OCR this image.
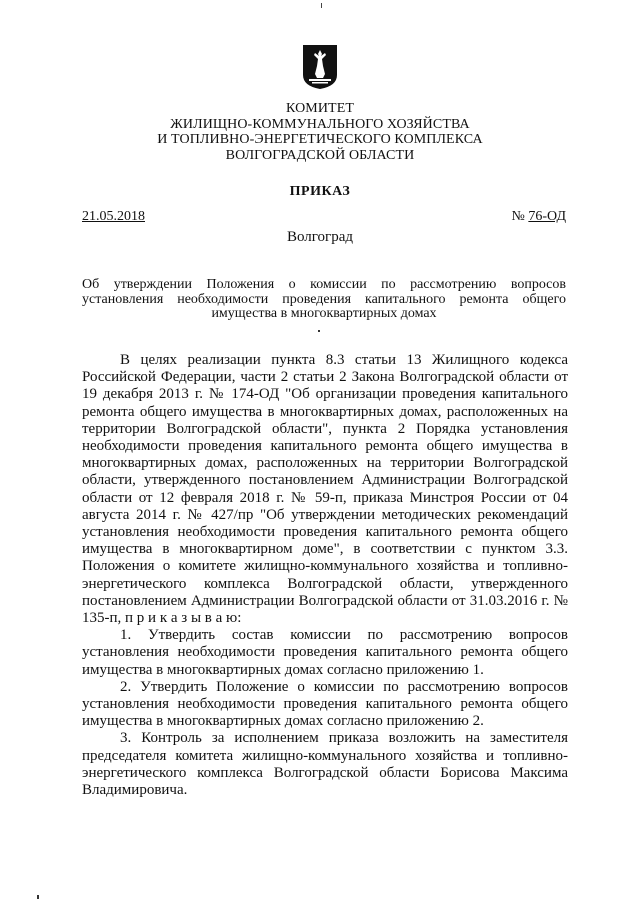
КОМИТЕТ
ЖИЛИЩНО-КОММУНАЛЬНОГО ХОЗЯЙСТВА
И ТОПЛИВНО-ЭНЕРГЕТИЧЕСКОГО КОМПЛЕКСА
ВОЛГОГРАДСКОЙ ОБЛАСТИ
ПРИКАЗ
21.05.2018	№ 76-ОД
Волгоград
Об утверждении Положения о комиссии по рассмотрению вопросов установления необходимости проведения капитального ремонта общего имущества в многоквартирных домах

В целях реализации пункта 8.3 статьи 13 Жилищного кодекса Российской Федерации, части 2 статьи 2 Закона Волгоградской области от 19 декабря 2013 г. № 174-ОД "Об организации проведения капитального ремонта общего имущества в многоквартирных домах, расположенных на территории Волгоградской области", пункта 2 Порядка установления необходимости проведения капитального ремонта общего имущества в многоквартирных домах, расположенных на территории Волгоградской области, утвержденного постановлением Администрации Волгоградской области от 12 февраля 2018 г. № 59-п, приказа Минстроя России от 04 августа 2014 г. № 427/пр "Об утверждении методических рекомендаций установления необходимости проведения капитального ремонта общего имущества в многоквартирном доме", в соответствии с пунктом 3.3. Положения о комитете жилищно-коммунального хозяйства и топливно-энергетического комплекса Волгоградской области, утвержденного постановлением Администрации Волгоградской области от 31.03.2016 г. № 135-п, п р и к а з ы в а ю:

1. Утвердить состав комиссии по рассмотрению вопросов установления необходимости проведения капитального ремонта общего имущества в многоквартирных домах согласно приложению 1.

2. Утвердить Положение о комиссии по рассмотрению вопросов установления необходимости проведения капитального ремонта общего имущества в многоквартирных домах согласно приложению 2.

3. Контроль за исполнением приказа возложить на заместителя председателя комитета жилищно-коммунального хозяйства и топливно-энергетического комплекса Волгоградской области Борисова Максима Владимировича.
